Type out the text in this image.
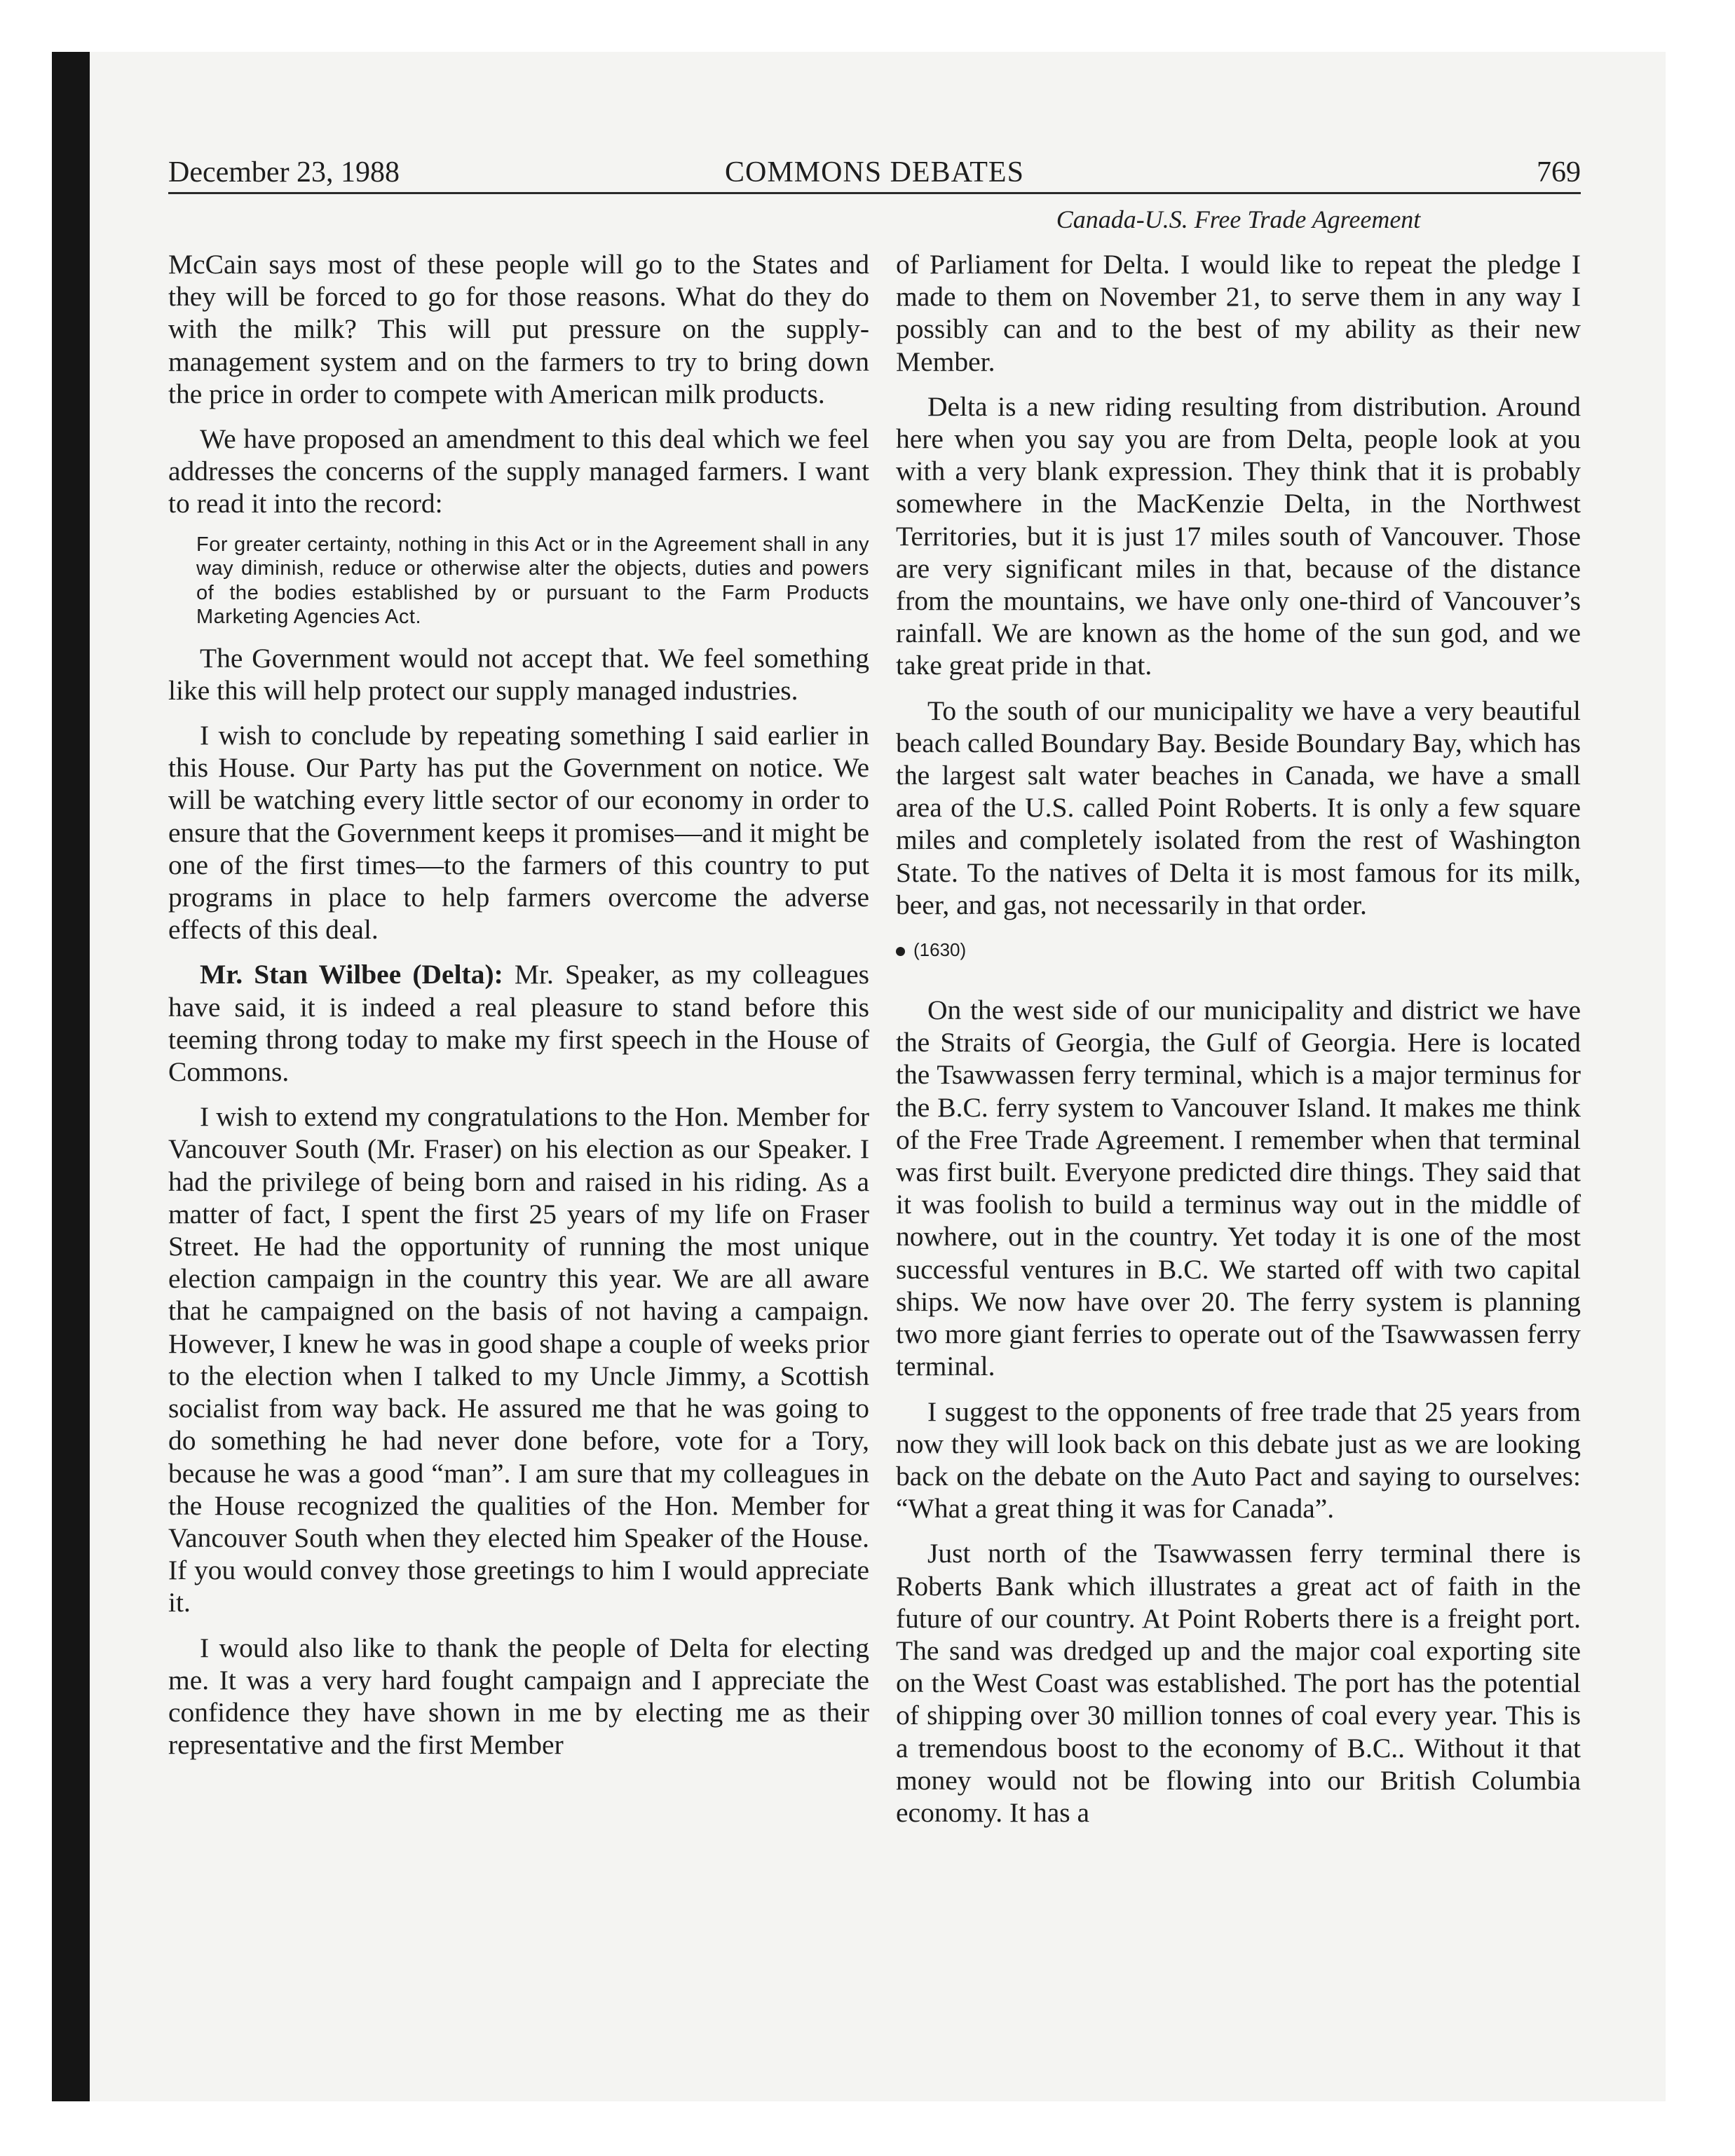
December 23, 1988	COMMONS DEBATES	769
Canada-U.S. Free Trade Agreement

McCain says most of these people will go to the States and they will be forced to go for those reasons. What do they do with the milk? This will put pressure on the supply-management system and on the farmers to try to bring down the price in order to compete with American milk products.

We have proposed an amendment to this deal which we feel addresses the concerns of the supply managed farmers. I want to read it into the record:

For greater certainty, nothing in this Act or in the Agreement shall in any way diminish, reduce or otherwise alter the objects, duties and powers of the bodies established by or pursuant to the Farm Products Marketing Agencies Act.

The Government would not accept that. We feel something like this will help protect our supply managed industries.

I wish to conclude by repeating something I said earlier in this House. Our Party has put the Government on notice. We will be watching every little sector of our economy in order to ensure that the Government keeps it promises—and it might be one of the first times—to the farmers of this country to put programs in place to help farmers overcome the adverse effects of this deal.

Mr. Stan Wilbee (Delta): Mr. Speaker, as my colleagues have said, it is indeed a real pleasure to stand before this teeming throng today to make my first speech in the House of Commons.

I wish to extend my congratulations to the Hon. Member for Vancouver South (Mr. Fraser) on his election as our Speaker. I had the privilege of being born and raised in his riding. As a matter of fact, I spent the first 25 years of my life on Fraser Street. He had the opportunity of running the most unique election campaign in the country this year. We are all aware that he campaigned on the basis of not having a campaign. However, I knew he was in good shape a couple of weeks prior to the election when I talked to my Uncle Jimmy, a Scottish socialist from way back. He assured me that he was going to do something he had never done before, vote for a Tory, because he was a good “man”. I am sure that my colleagues in the House recognized the qualities of the Hon. Member for Vancouver South when they elected him Speaker of the House. If you would convey those greetings to him I would appreciate it.

I would also like to thank the people of Delta for electing me. It was a very hard fought campaign and I appreciate the confidence they have shown in me by electing me as their representative and the first Member

of Parliament for Delta. I would like to repeat the pledge I made to them on November 21, to serve them in any way I possibly can and to the best of my ability as their new Member.

Delta is a new riding resulting from distribution. Around here when you say you are from Delta, people look at you with a very blank expression. They think that it is probably somewhere in the MacKenzie Delta, in the Northwest Territories, but it is just 17 miles south of Vancouver. Those are very significant miles in that, because of the distance from the mountains, we have only one-third of Vancouver’s rainfall. We are known as the home of the sun god, and we take great pride in that.

To the south of our municipality we have a very beautiful beach called Boundary Bay. Beside Boundary Bay, which has the largest salt water beaches in Canada, we have a small area of the U.S. called Point Roberts. It is only a few square miles and completely isolated from the rest of Washington State. To the natives of Delta it is most famous for its milk, beer, and gas, not necessarily in that order.

(1630)

On the west side of our municipality and district we have the Straits of Georgia, the Gulf of Georgia. Here is located the Tsawwassen ferry terminal, which is a major terminus for the B.C. ferry system to Vancouver Island. It makes me think of the Free Trade Agreement. I remember when that terminal was first built. Everyone predicted dire things. They said that it was foolish to build a terminus way out in the middle of nowhere, out in the country. Yet today it is one of the most successful ventures in B.C. We started off with two capital ships. We now have over 20. The ferry system is planning two more giant ferries to operate out of the Tsawwassen ferry terminal.

I suggest to the opponents of free trade that 25 years from now they will look back on this debate just as we are looking back on the debate on the Auto Pact and saying to ourselves: “What a great thing it was for Canada”.

Just north of the Tsawwassen ferry terminal there is Roberts Bank which illustrates a great act of faith in the future of our country. At Point Roberts there is a freight port. The sand was dredged up and the major coal exporting site on the West Coast was established. The port has the potential of shipping over 30 million tonnes of coal every year. This is a tremendous boost to the economy of B.C.. Without it that money would not be flowing into our British Columbia economy. It has a
